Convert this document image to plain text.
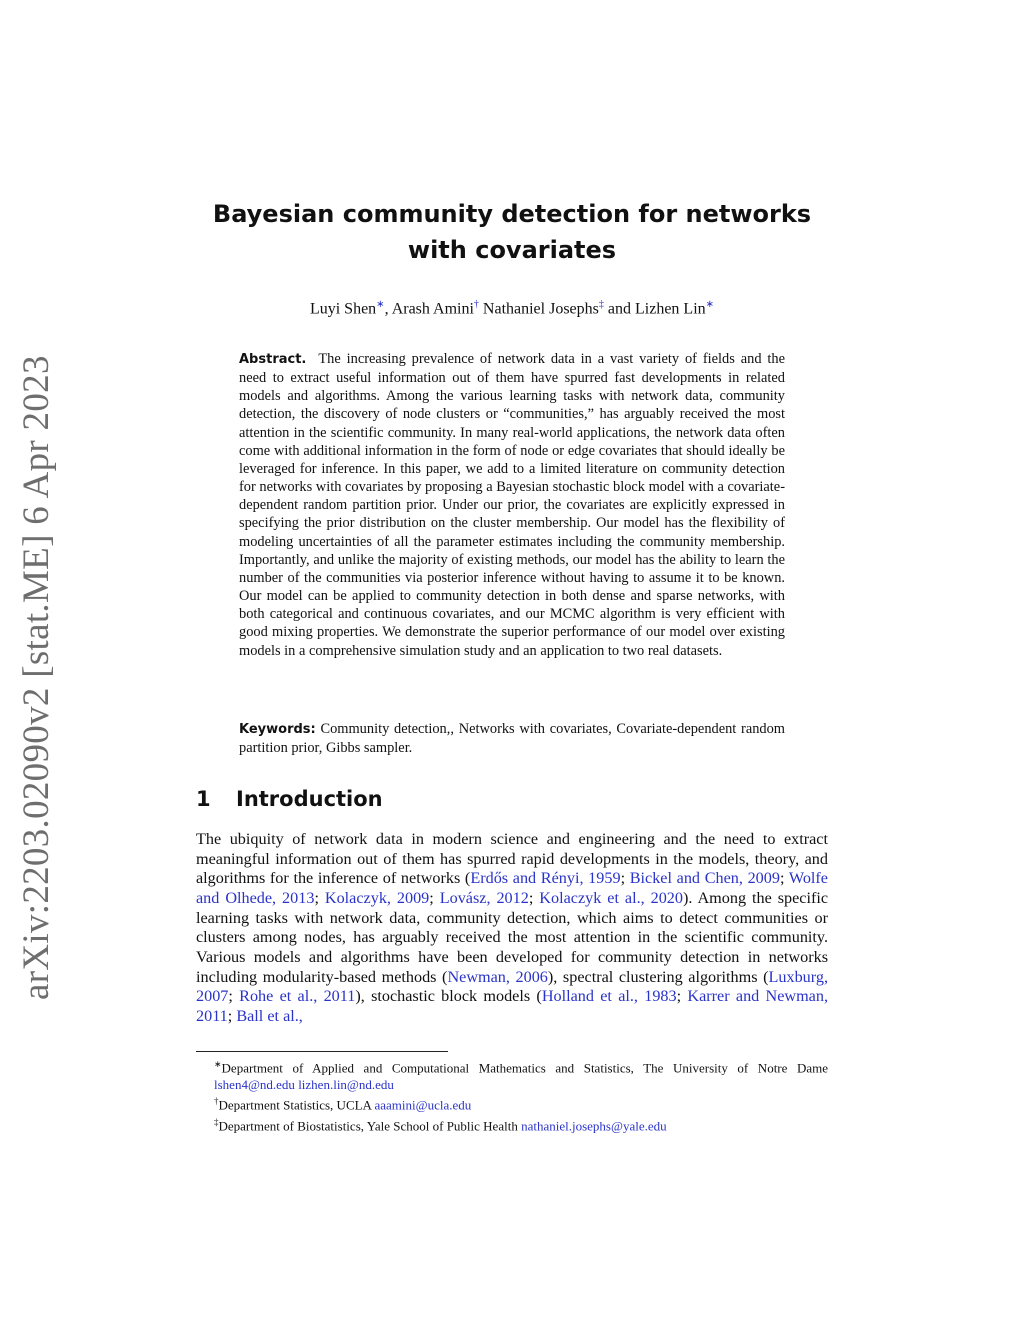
arXiv:2203.02090v2 [stat.ME] 6 Apr 2023
Bayesian community detection for networks
with covariates
Luyi Shen∗, Arash Amini† Nathaniel Josephs‡ and Lizhen Lin∗
Abstract. The increasing prevalence of network data in a vast variety of fields and the need to extract useful information out of them have spurred fast developments in related models and algorithms. Among the various learning tasks with network data, community detection, the discovery of node clusters or “communities,” has arguably received the most attention in the scientific community. In many real-world applications, the network data often come with additional information in the form of node or edge covariates that should ideally be leveraged for inference. In this paper, we add to a limited literature on community detection for networks with covariates by proposing a Bayesian stochastic block model with a covariate-dependent random partition prior. Under our prior, the covariates are explicitly expressed in specifying the prior distribution on the cluster membership. Our model has the flexibility of modeling uncertainties of all the parameter estimates including the community membership. Importantly, and unlike the majority of existing methods, our model has the ability to learn the number of the communities via posterior inference without having to assume it to be known. Our model can be applied to community detection in both dense and sparse networks, with both categorical and continuous covariates, and our MCMC algorithm is very efficient with good mixing properties. We demonstrate the superior performance of our model over existing models in a comprehensive simulation study and an application to two real datasets.
Keywords: Community detection,, Networks with covariates, Covariate-dependent random partition prior, Gibbs sampler.
1 Introduction
The ubiquity of network data in modern science and engineering and the need to extract meaningful information out of them has spurred rapid developments in the models, theory, and algorithms for the inference of networks (Erdős and Rényi, 1959; Bickel and Chen, 2009; Wolfe and Olhede, 2013; Kolaczyk, 2009; Lovász, 2012; Kolaczyk et al., 2020). Among the specific learning tasks with network data, community detection, which aims to detect communities or clusters among nodes, has arguably received the most attention in the scientific community. Various models and algorithms have been developed for community detection in networks including modularity-based methods (Newman, 2006), spectral clustering algorithms (Luxburg, 2007; Rohe et al., 2011), stochastic block models (Holland et al., 1983; Karrer and Newman, 2011; Ball et al.,

∗Department of Applied and Computational Mathematics and Statistics, The University of Notre Dame lshen4@nd.edu lizhen.lin@nd.edu

†Department Statistics, UCLA aaamini@ucla.edu

‡Department of Biostatistics, Yale School of Public Health nathaniel.josephs@yale.edu
